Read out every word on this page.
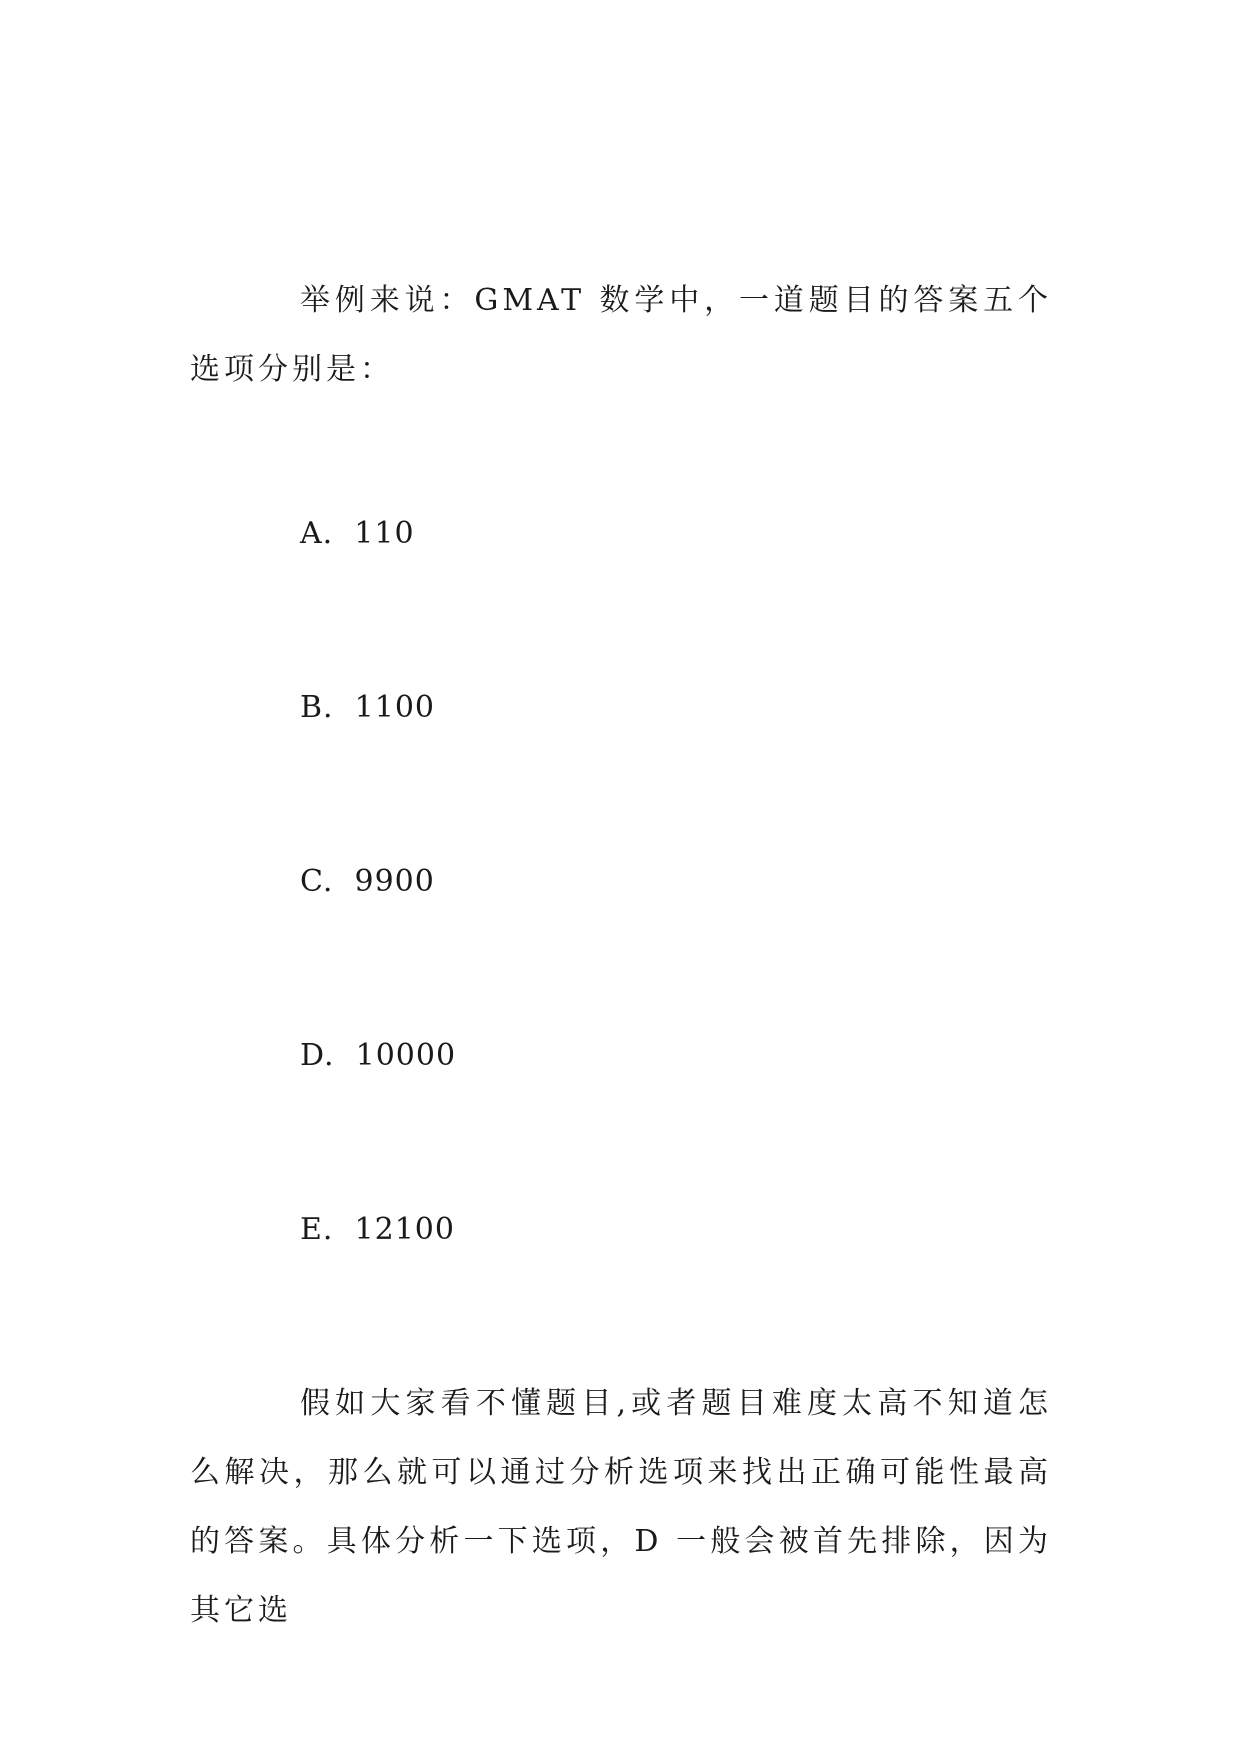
举例来说：GMAT 数学中，一道题目的答案五个选项分别是：

A. 110
B. 1100
C. 9900
D. 10000
E. 12100

假如大家看不懂题目,或者题目难度太高不知道怎么解决，那么就可以通过分析选项来找出正确可能性最高的答案。具体分析一下选项，D 一般会被首先排除，因为其它选
